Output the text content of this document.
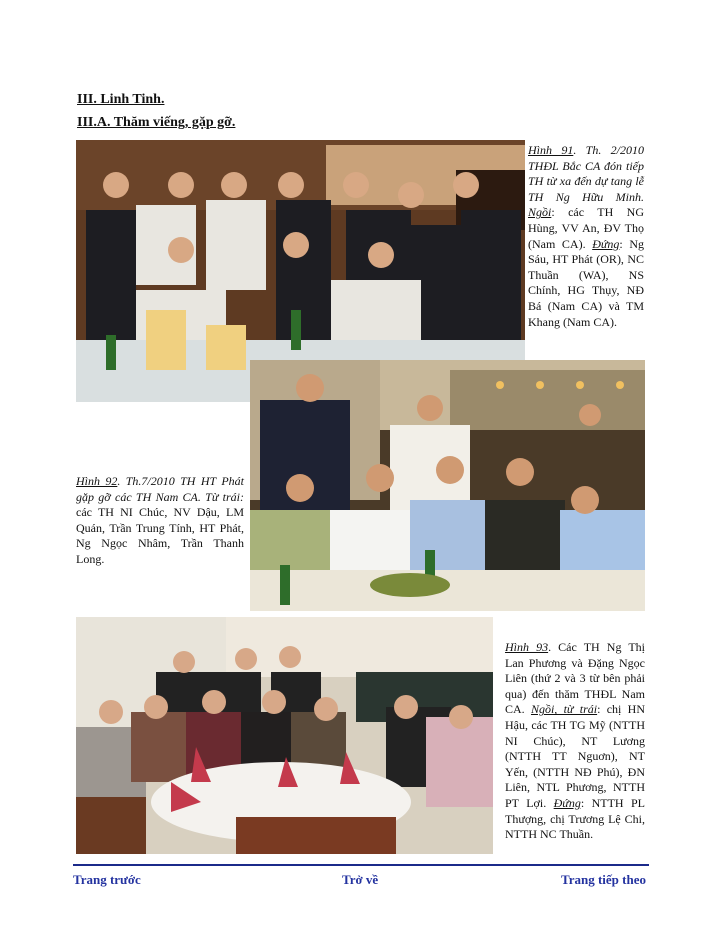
III. Linh Tinh.
III.A. Thăm viếng, gặp gỡ.
Hình 91. Th. 2/2010 THĐL Bắc CA đón tiếp TH từ xa đến dự tang lễ TH Ng Hữu Minh. Ngồi: các TH NG Hùng, VV An, ĐV Thọ (Nam CA). Đứng: Ng Sáu, HT Phát (OR), NC Thuần (WA), NS Chính, HG Thụy, NĐ Bá (Nam CA) và TM Khang (Nam CA).
Hình 92. Th.7/2010 TH HT Phát gặp gỡ các TH Nam CA. Từ trái: các TH NI Chúc, NV Dậu, LM Quán, Trần Trung Tính, HT Phát, Ng Ngọc Nhâm, Trần Thanh Long.
Hình 93. Các TH Ng Thị Lan Phương và Đặng Ngọc Liên (thứ 2 và 3 từ bên phải qua) đến thăm THĐL Nam CA. Ngồi, từ trái: chị HN Hậu, các TH TG Mỹ (NTTH NI Chúc), NT Lương (NTTH TT Nguơn), NT Yến, (NTTH NĐ Phú), ĐN Liên, NTL Phương, NTTH PT Lợi. Đứng: NTTH PL Thượng, chị Trương Lệ Chi, NTTH NC Thuần.
Trang trước	Trở về	Trang tiếp theo
